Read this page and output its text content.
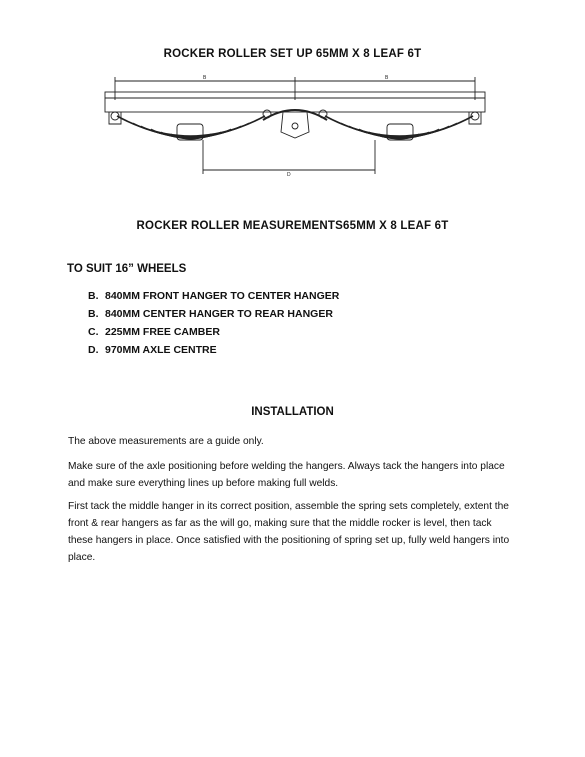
ROCKER ROLLER SET UP 65MM X 8 LEAF 6T
B	B
D
ROCKER ROLLER MEASUREMENTS65MM X 8 LEAF 6T
TO SUIT 16” WHEELS
B. 840MM FRONT HANGER TO CENTER HANGER
B. 840MM CENTER HANGER TO REAR HANGER
C. 225MM FREE CAMBER
D. 970MM AXLE CENTRE
INSTALLATION

The above measurements are a guide only.

Make sure of the axle positioning before welding the hangers. Always tack the hangers into place and make sure everything lines up before making full welds.

First tack the middle hanger in its correct position, assemble the spring sets completely, extent the front & rear hangers as far as the will go, making sure that the middle rocker is level, then tack these hangers in place. Once satisfied with the positioning of spring set up, fully weld hangers into place.
